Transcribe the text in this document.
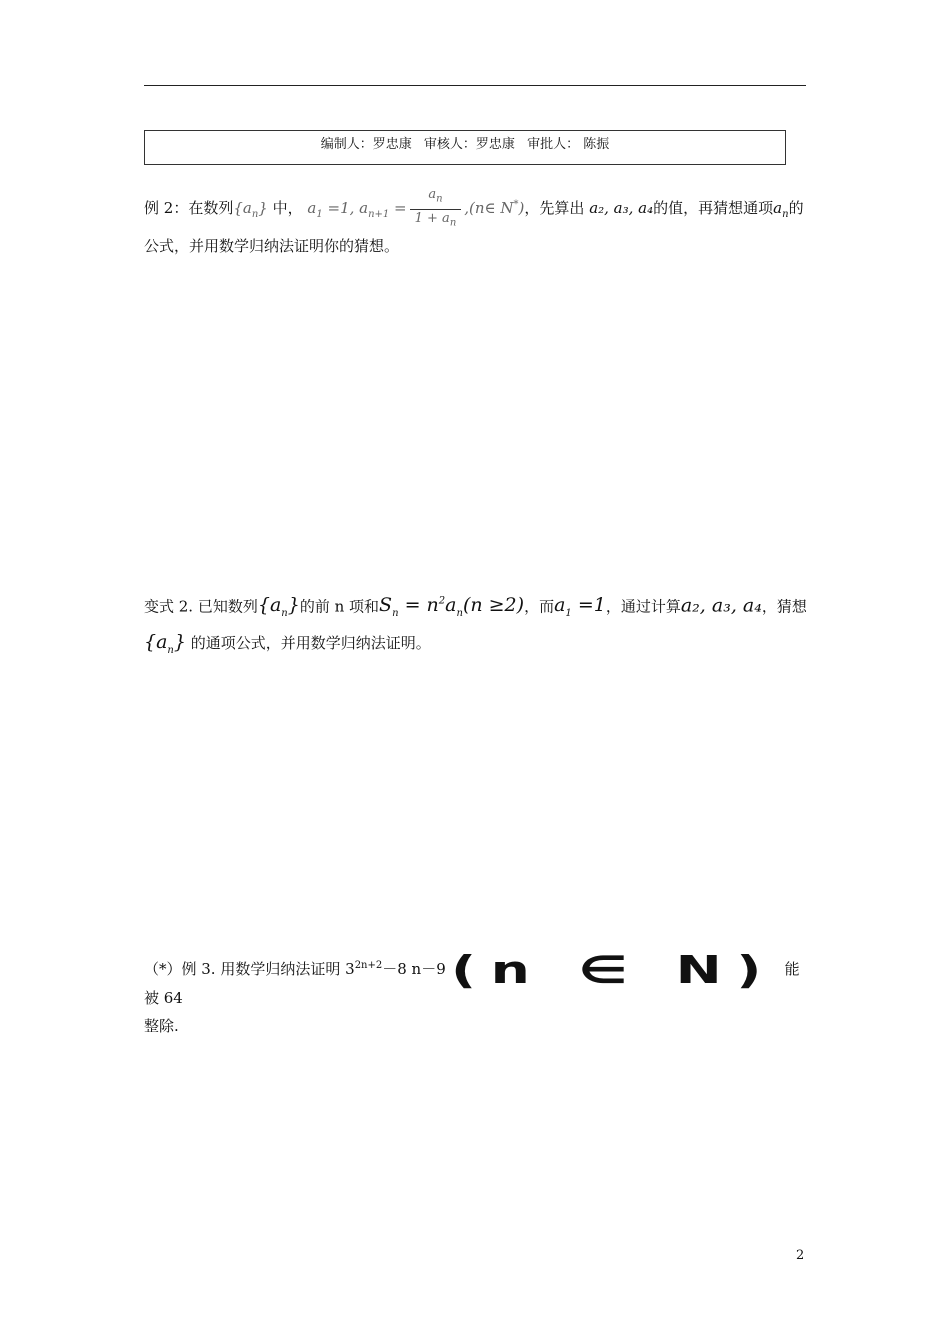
编制人：罗忠康 审核人：罗忠康 审批人： 陈振
例 2：在数列$\{a_n\}$ 中， $a_1 =1$, $a_{n+1} = \frac{a_n}{1 + a_n}$ ,(n∈ N*)，先算出 a₂, a₃, a₄的值，再猜想通项$a_n$的公式，并用数学归纳法证明你的猜想。
变式 2. 已知数列$\{a_n\}$的前 n 项和$S_n = n^2a_n(n \ge 2)$，而$a_1 =1$，通过计算a₂, a₃, a₄，猜想
$\{a_n\}$ 的通项公式，并用数学归纳法证明。
（*）例 3. 用数学归纳法证明 $3^{2n+2}-8$ n－9 (n ∈ N) 能被 64
整除.
2
